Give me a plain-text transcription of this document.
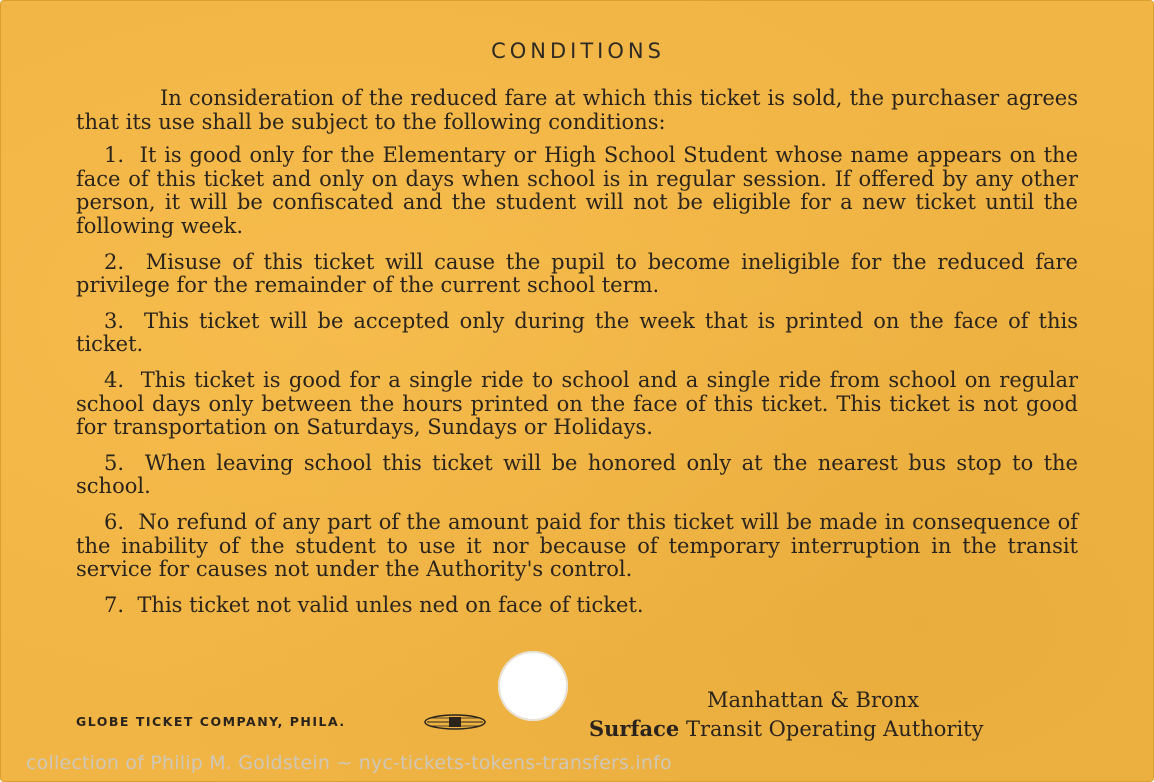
CONDITIONS

In consideration of the reduced fare at which this ticket is sold, the purchaser agrees that its use shall be subject to the following conditions:

1. It is good only for the Elementary or High School Student whose name appears on the face of this ticket and only on days when school is in regular session. If offered by any other person, it will be confiscated and the student will not be eligible for a new ticket until the following week.

2. Misuse of this ticket will cause the pupil to become ineligible for the reduced fare privilege for the remainder of the current school term.

3. This ticket will be accepted only during the week that is printed on the face of this ticket.

4. This ticket is good for a single ride to school and a single ride from school on regular school days only between the hours printed on the face of this ticket. This ticket is not good for transportation on Saturdays, Sundays or Holidays.

5. When leaving school this ticket will be honored only at the nearest bus stop to the school.

6. No refund of any part of the amount paid for this ticket will be made in consequence of the inability of the student to use it nor because of temporary interruption in the transit service for causes not under the Authority's control.

7. This ticket not valid unles ned on face of ticket.

GLOBE TICKET COMPANY, PHILA.
Manhattan & Bronx
Surface Transit Operating Authority
collection of Philip M. Goldstein ~ nyc-tickets-tokens-transfers.info
